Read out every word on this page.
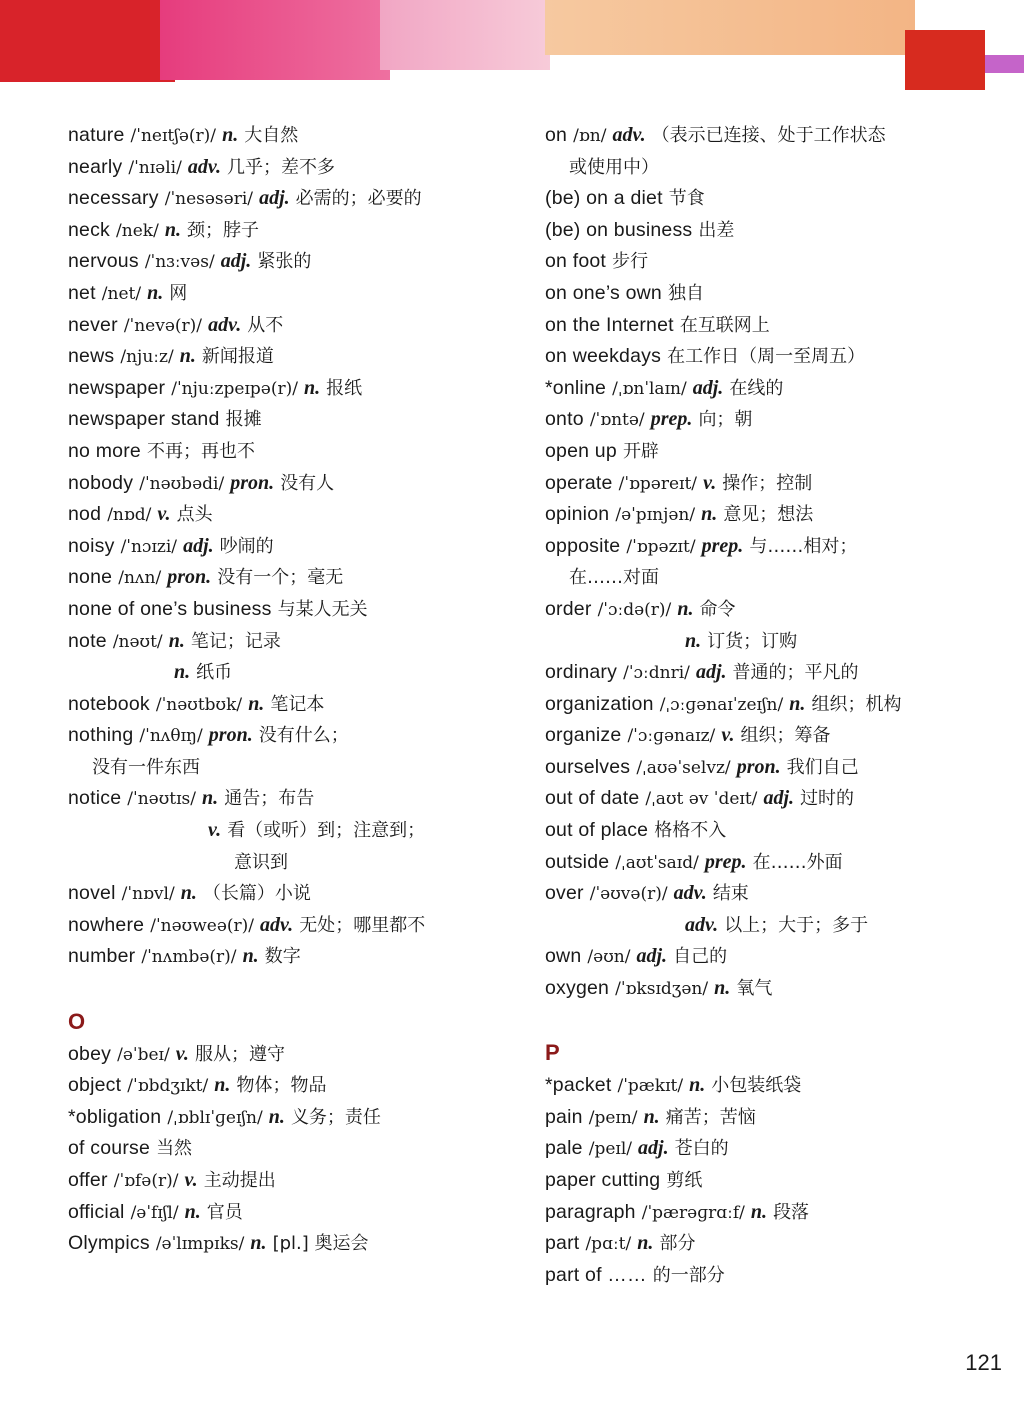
nature /ˈneɪtʃə(r)/ n. 大自然
nearly /ˈnɪəli/ adv. 几乎；差不多
necessary /ˈnesəsəri/ adj. 必需的；必要的
neck /nek/ n. 颈；脖子
nervous /ˈnɜːvəs/ adj. 紧张的
net /net/ n. 网
never /ˈnevə(r)/ adv. 从不
news /njuːz/ n. 新闻报道
newspaper /ˈnjuːzpeɪpə(r)/ n. 报纸
newspaper stand 报摊
no more 不再；再也不
nobody /ˈnəʊbədi/ pron. 没有人
nod /nɒd/ v. 点头
noisy /ˈnɔɪzi/ adj. 吵闹的
none /nʌn/ pron. 没有一个；毫无
none of one’s business 与某人无关
note /nəʊt/ n. 笔记；记录
n. 纸币
notebook /ˈnəʊtbʊk/ n. 笔记本
nothing /ˈnʌθɪŋ/ pron. 没有什么；
没有一件东西
notice /ˈnəʊtɪs/ n. 通告；布告
v. 看（或听）到；注意到；
意识到
novel /ˈnɒvl/ n. （长篇）小说
nowhere /ˈnəʊweə(r)/ adv. 无处；哪里都不
number /ˈnʌmbə(r)/ n. 数字
O
obey /əˈbeɪ/ v. 服从；遵守
object /ˈɒbdʒɪkt/ n. 物体；物品
*obligation /ˌɒblɪˈɡeɪʃn/ n. 义务；责任
of course 当然
offer /ˈɒfə(r)/ v. 主动提出
official /əˈfɪʃl/ n. 官员
Olympics /əˈlɪmpɪks/ n. [pl.] 奥运会
on /ɒn/ adv. （表示已连接、处于工作状态
或使用中）
(be) on a diet 节食
(be) on business 出差
on foot 步行
on one’s own 独自
on the Internet 在互联网上
on weekdays 在工作日（周一至周五）
*online /ˌɒnˈlaɪn/ adj. 在线的
onto /ˈɒntə/ prep. 向；朝
open up 开辟
operate /ˈɒpəreɪt/ v. 操作；控制
opinion /əˈpɪnjən/ n. 意见；想法
opposite /ˈɒpəzɪt/ prep. 与……相对；
在……对面
order /ˈɔːdə(r)/ n. 命令
n. 订货；订购
ordinary /ˈɔːdnri/ adj. 普通的；平凡的
organization /ˌɔːɡənaɪˈzeɪʃn/ n. 组织；机构
organize /ˈɔːɡənaɪz/ v. 组织；筹备
ourselves /ˌaʊəˈselvz/ pron. 我们自己
out of date /ˌaʊt əv ˈdeɪt/ adj. 过时的
out of place 格格不入
outside /ˌaʊtˈsaɪd/ prep. 在……外面
over /ˈəʊvə(r)/ adv. 结束
adv. 以上；大于；多于
own /əʊn/ adj. 自己的
oxygen /ˈɒksɪdʒən/ n. 氧气
P
*packet /ˈpækɪt/ n. 小包装纸袋
pain /peɪn/ n. 痛苦；苦恼
pale /peɪl/ adj. 苍白的
paper cutting 剪纸
paragraph /ˈpærəɡrɑːf/ n. 段落
part /pɑːt/ n. 部分
part of …… 的一部分
121
